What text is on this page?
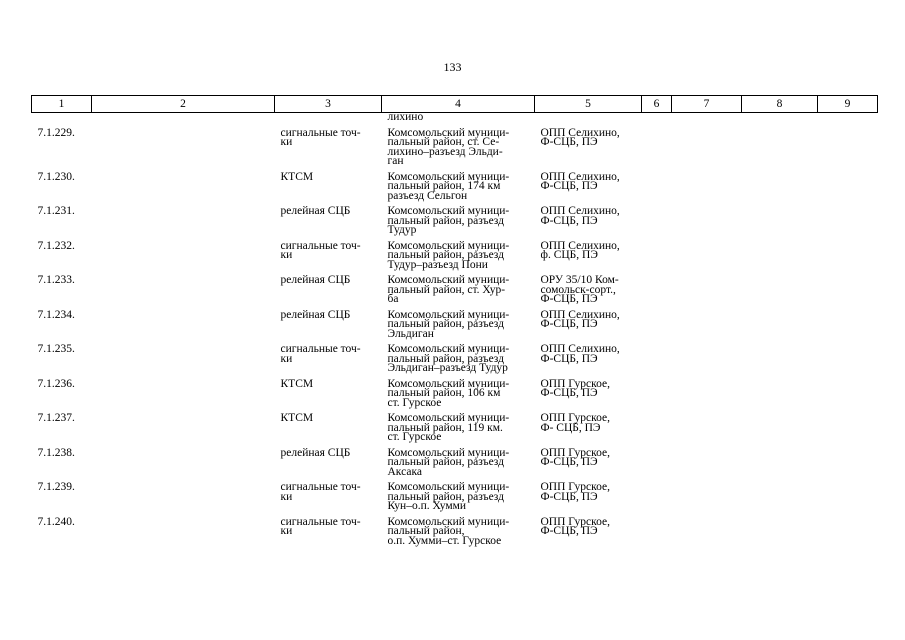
133
1	2	3	4	5	6	7	8	9
			лихино					
7.1.229.		сигнальные точ-
ки	Комсомольский муници-
пальный район, ст. Се-
лихино–разъезд Эльди-
ган	ОПП Селихино,
Ф-СЦБ, ПЭ				

7.1.230.		КТСМ	Комсомольский муници-
пальный район, 174 км
разъезд Сельгон	ОПП Селихино,
Ф-СЦБ, ПЭ				

7.1.231.		релейная СЦБ	Комсомольский муници-
пальный район, разъезд
Тудур	ОПП Селихино,
Ф-СЦБ, ПЭ				

7.1.232.		сигнальные точ-
ки	Комсомольский муници-
пальный район, разъезд
Тудур–разъезд Пони	ОПП Селихино,
ф. СЦБ, ПЭ				

7.1.233.		релейная СЦБ	Комсомольский муници-
пальный район, ст. Хур-
ба	ОРУ 35/10 Ком-
сомольск-сорт.,
Ф-СЦБ, ПЭ				

7.1.234.		релейная СЦБ	Комсомольский муници-
пальный район, разъезд
Эльдиган	ОПП Селихино,
Ф-СЦБ, ПЭ				

7.1.235.		сигнальные точ-
ки	Комсомольский муници-
пальный район, разъезд
Эльдиган–разъезд Тудур	ОПП Селихино,
Ф-СЦБ, ПЭ				

7.1.236.		КТСМ	Комсомольский муници-
пальный район, 106 км
ст. Гурское	ОПП Гурское,
Ф-СЦБ, ПЭ				

7.1.237.		КТСМ	Комсомольский муници-
пальный район, 119 км.
ст. Гурское	ОПП Гурское,
Ф- СЦБ, ПЭ				

7.1.238.		релейная СЦБ	Комсомольский муници-
пальный район, разъезд
Аксака	ОПП Гурское,
Ф-СЦБ, ПЭ				

7.1.239.		сигнальные точ-
ки	Комсомольский муници-
пальный район, разъезд
Кун–о.п. Хумми	ОПП Гурское,
Ф-СЦБ, ПЭ				

7.1.240.		сигнальные точ-
ки	Комсомольский муници-
пальный район,
о.п. Хумми–ст. Гурское	ОПП Гурское,
Ф-СЦБ, ПЭ				
